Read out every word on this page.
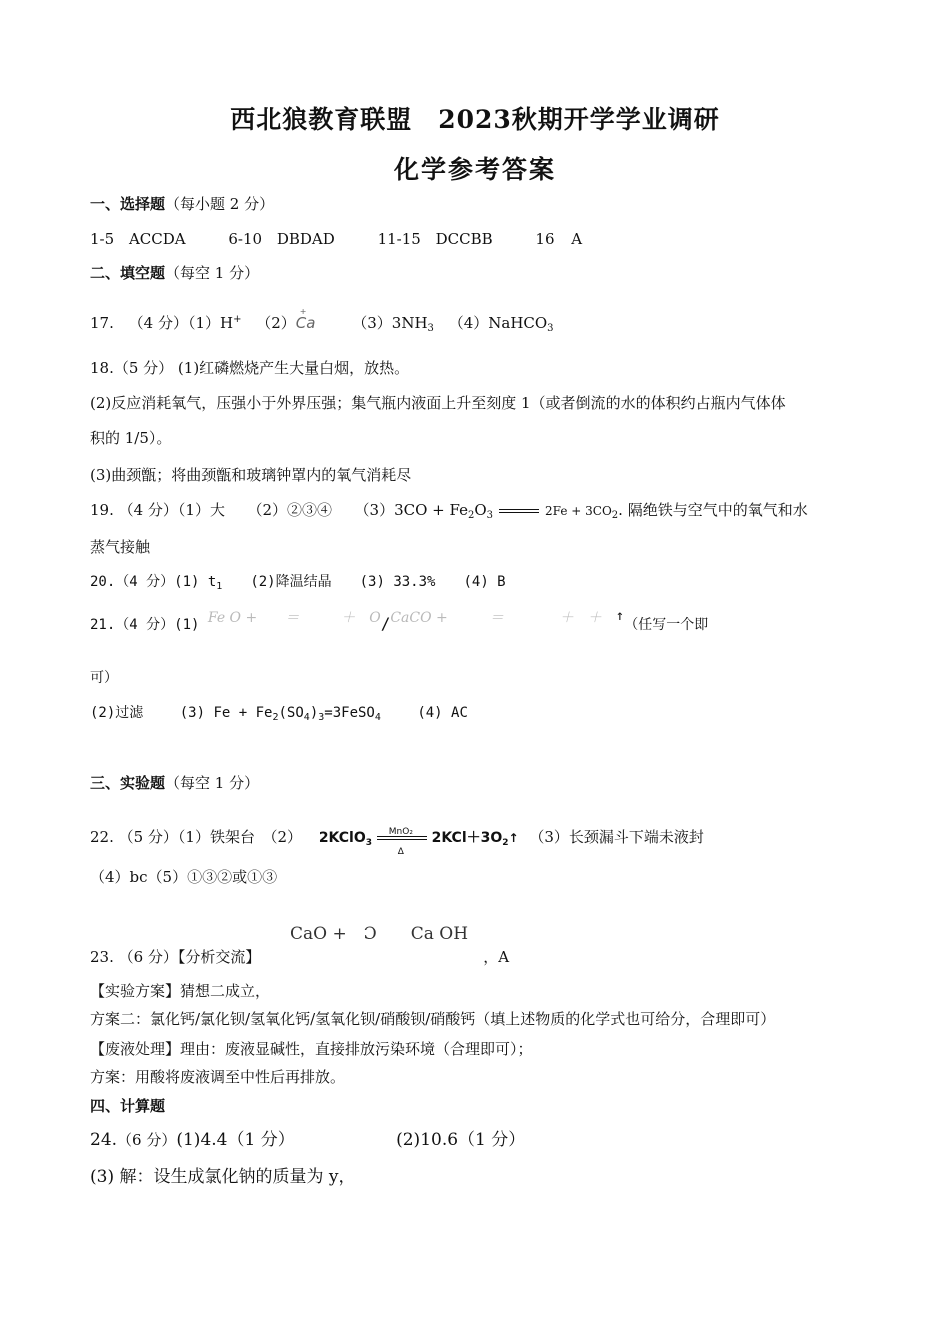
西北狼教育联盟　2023秋期开学学业调研
化学参考答案
一、选择题（每小题 2 分）
1-5 ACCDA	6-10 DBDAD	11-15 DCCBB	16 A
二、填空题（每空 1 分）
17. （4 分）（1）H+ （2）
+
Ca $(3)3NH_3$ （4）NaHCO$_3$
18.（5 分） (1)红磷燃烧产生大量白烟，放热。
(2)反应消耗氧气，压强小于外界压强；集气瓶内液面上升至刻度 1（或者倒流的水的体积约占瓶内气体体
积的 1/5）。
(3)曲颈甑；将曲颈甑和玻璃钟罩内的氧气消耗尽
19. （4 分）（1）大　　（2）②③④　　$(3)3CO + Fe_2O_3$	$2Fe + 3CO_2$. 隔绝铁与空气中的氧气和水
蒸气接触
20.（4 分）(1) $t_1$　　(2)降温结晶　　(3) 33.3%　　(4) B
21.（4 分）(1) Fe O +　　＝　　　＋　O/CaCO +　　　＝　　　　＋　＋　↑（任写一个即
可）
(2)过滤	(3) $Fe + Fe_2(SO_4)_3=3FeSO_4$	(4) AC
三、实验题（每空 1 分）
22. （5 分）（1）铁架台　（2） 2KClO$_3$
MnO₂
Δ
$2KCl+3O_2↑$ （3）长颈漏斗下端未液封
（4）bc（5）①③②或①③
CaO +　Ɔ　　Ca OH
23. （6 分）【分析交流】	，A
【实验方案】猜想二成立，
方案二：氯化钙/氯化钡/氢氧化钙/氢氧化钡/硝酸钡/硝酸钙（填上述物质的化学式也可给分，合理即可）
【废液处理】理由：废液显碱性，直接排放污染环境（合理即可）；
方案：用酸将废液调至中性后再排放。
四、计算题
24.（6 分）(1)4.4（1 分）	(2)10.6（1 分）
(3) 解：设生成氯化钠的质量为 y，
